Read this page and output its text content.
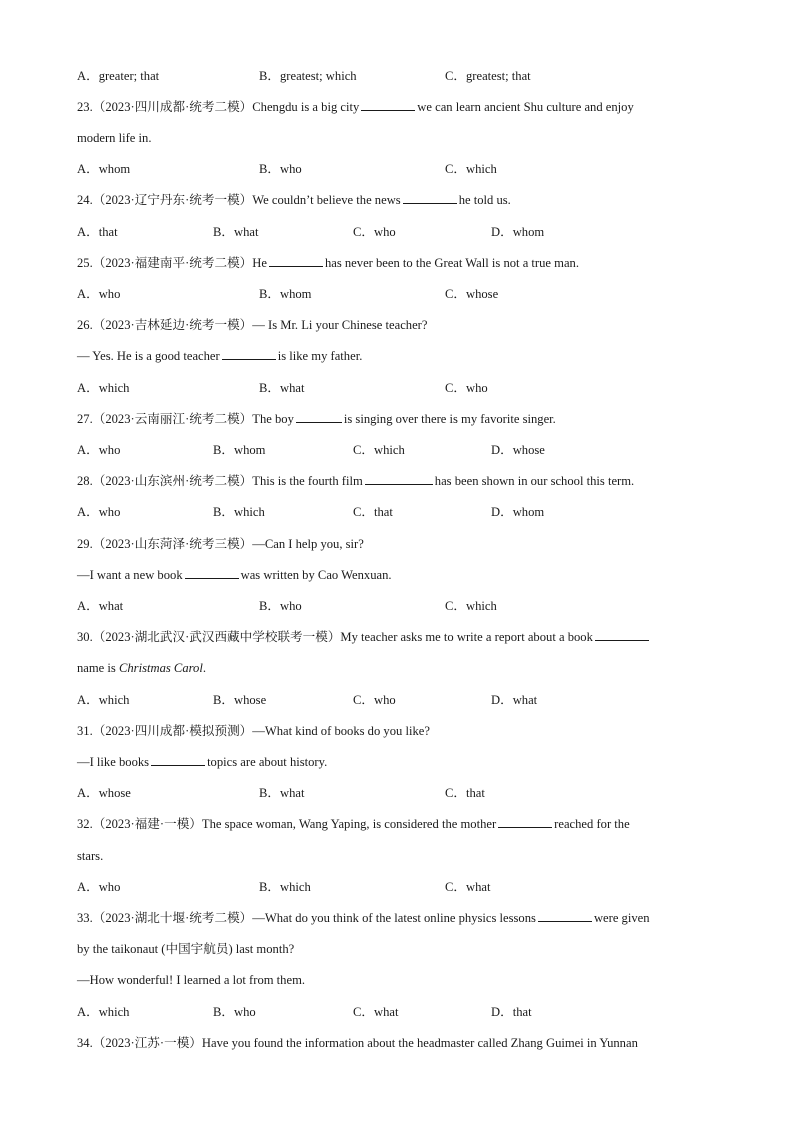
A．greater; that	B．greatest; which	C．greatest; that
23.（2023·四川成都·统考二模）Chengdu is a big city	we can learn ancient Shu culture and enjoy
modern life in.
A．whom	B．who	C．which
24.（2023·辽宁丹东·统考一模）We couldn’t believe the news	he told us.
A．that	B．what	C．who	D．whom
25.（2023·福建南平·统考二模）He	has never been to the Great Wall is not a true man.
A．who	B．whom	C．whose
26.（2023·吉林延边·统考一模）— Is Mr. Li your Chinese teacher?
— Yes. He is a good teacher	is like my father.
A．which	B．what	C．who
27.（2023·云南丽江·统考二模）The boy	is singing over there is my favorite singer.
A．who	B．whom	C．which	D．whose
28.（2023·山东滨州·统考二模）This is the fourth film	has been shown in our school this term.
A．who	B．which	C．that	D．whom
29.（2023·山东菏泽·统考三模）—Can I help you, sir?
—I want a new book	was written by Cao Wenxuan.
A．what	B．who	C．which
30.（2023·湖北武汉·武汉西藏中学校联考一模）My teacher asks me to write a report about a book
name is Christmas Carol.
A．which	B．whose	C．who	D．what
31.（2023·四川成都·模拟预测）—What kind of books do you like?
—I like books	topics are about history.
A．whose	B．what	C．that
32.（2023·福建·一模）The space woman, Wang Yaping, is considered the mother	reached for the
stars.
A．who	B．which	C．what
33.（2023·湖北十堰·统考二模）—What do you think of the latest online physics lessons	were given
by the taikonaut (中国宇航员) last month?
—How wonderful! I learned a lot from them.
A．which	B．who	C．what	D．that
34.（2023·江苏·一模）Have you found the information about the headmaster called Zhang Guimei in Yunnan
